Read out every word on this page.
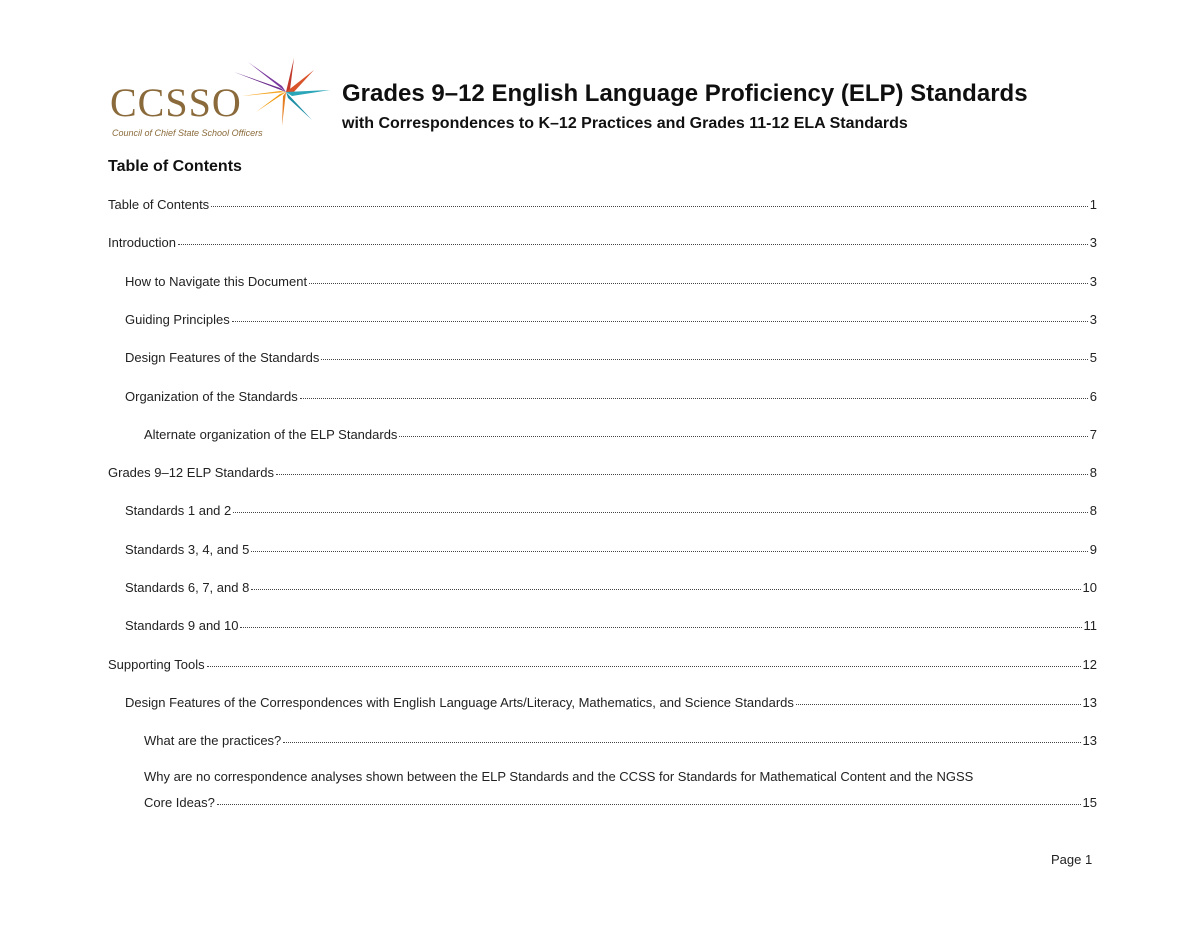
CCSSO
Council of Chief State School Officers
Grades 9–12 English Language Proficiency (ELP) Standards
with Correspondences to K–12 Practices and Grades 11-12 ELA Standards
Table of Contents
Table of Contents	1
Introduction	3
How to Navigate this Document	3
Guiding Principles	3
Design Features of the Standards	5
Organization of the Standards	6
Alternate organization of the ELP Standards	7
Grades 9–12 ELP Standards	8
Standards 1 and 2	8
Standards 3, 4, and 5	9
Standards 6, 7, and 8	10
Standards 9 and 10	11
Supporting Tools	12
Design Features of the Correspondences with English Language Arts/Literacy, Mathematics, and Science Standards	13
What are the practices?	13
Why are no correspondence analyses shown between the ELP Standards and the CCSS for Standards for Mathematical Content and the NGSS
Core Ideas?	15
Page 1
